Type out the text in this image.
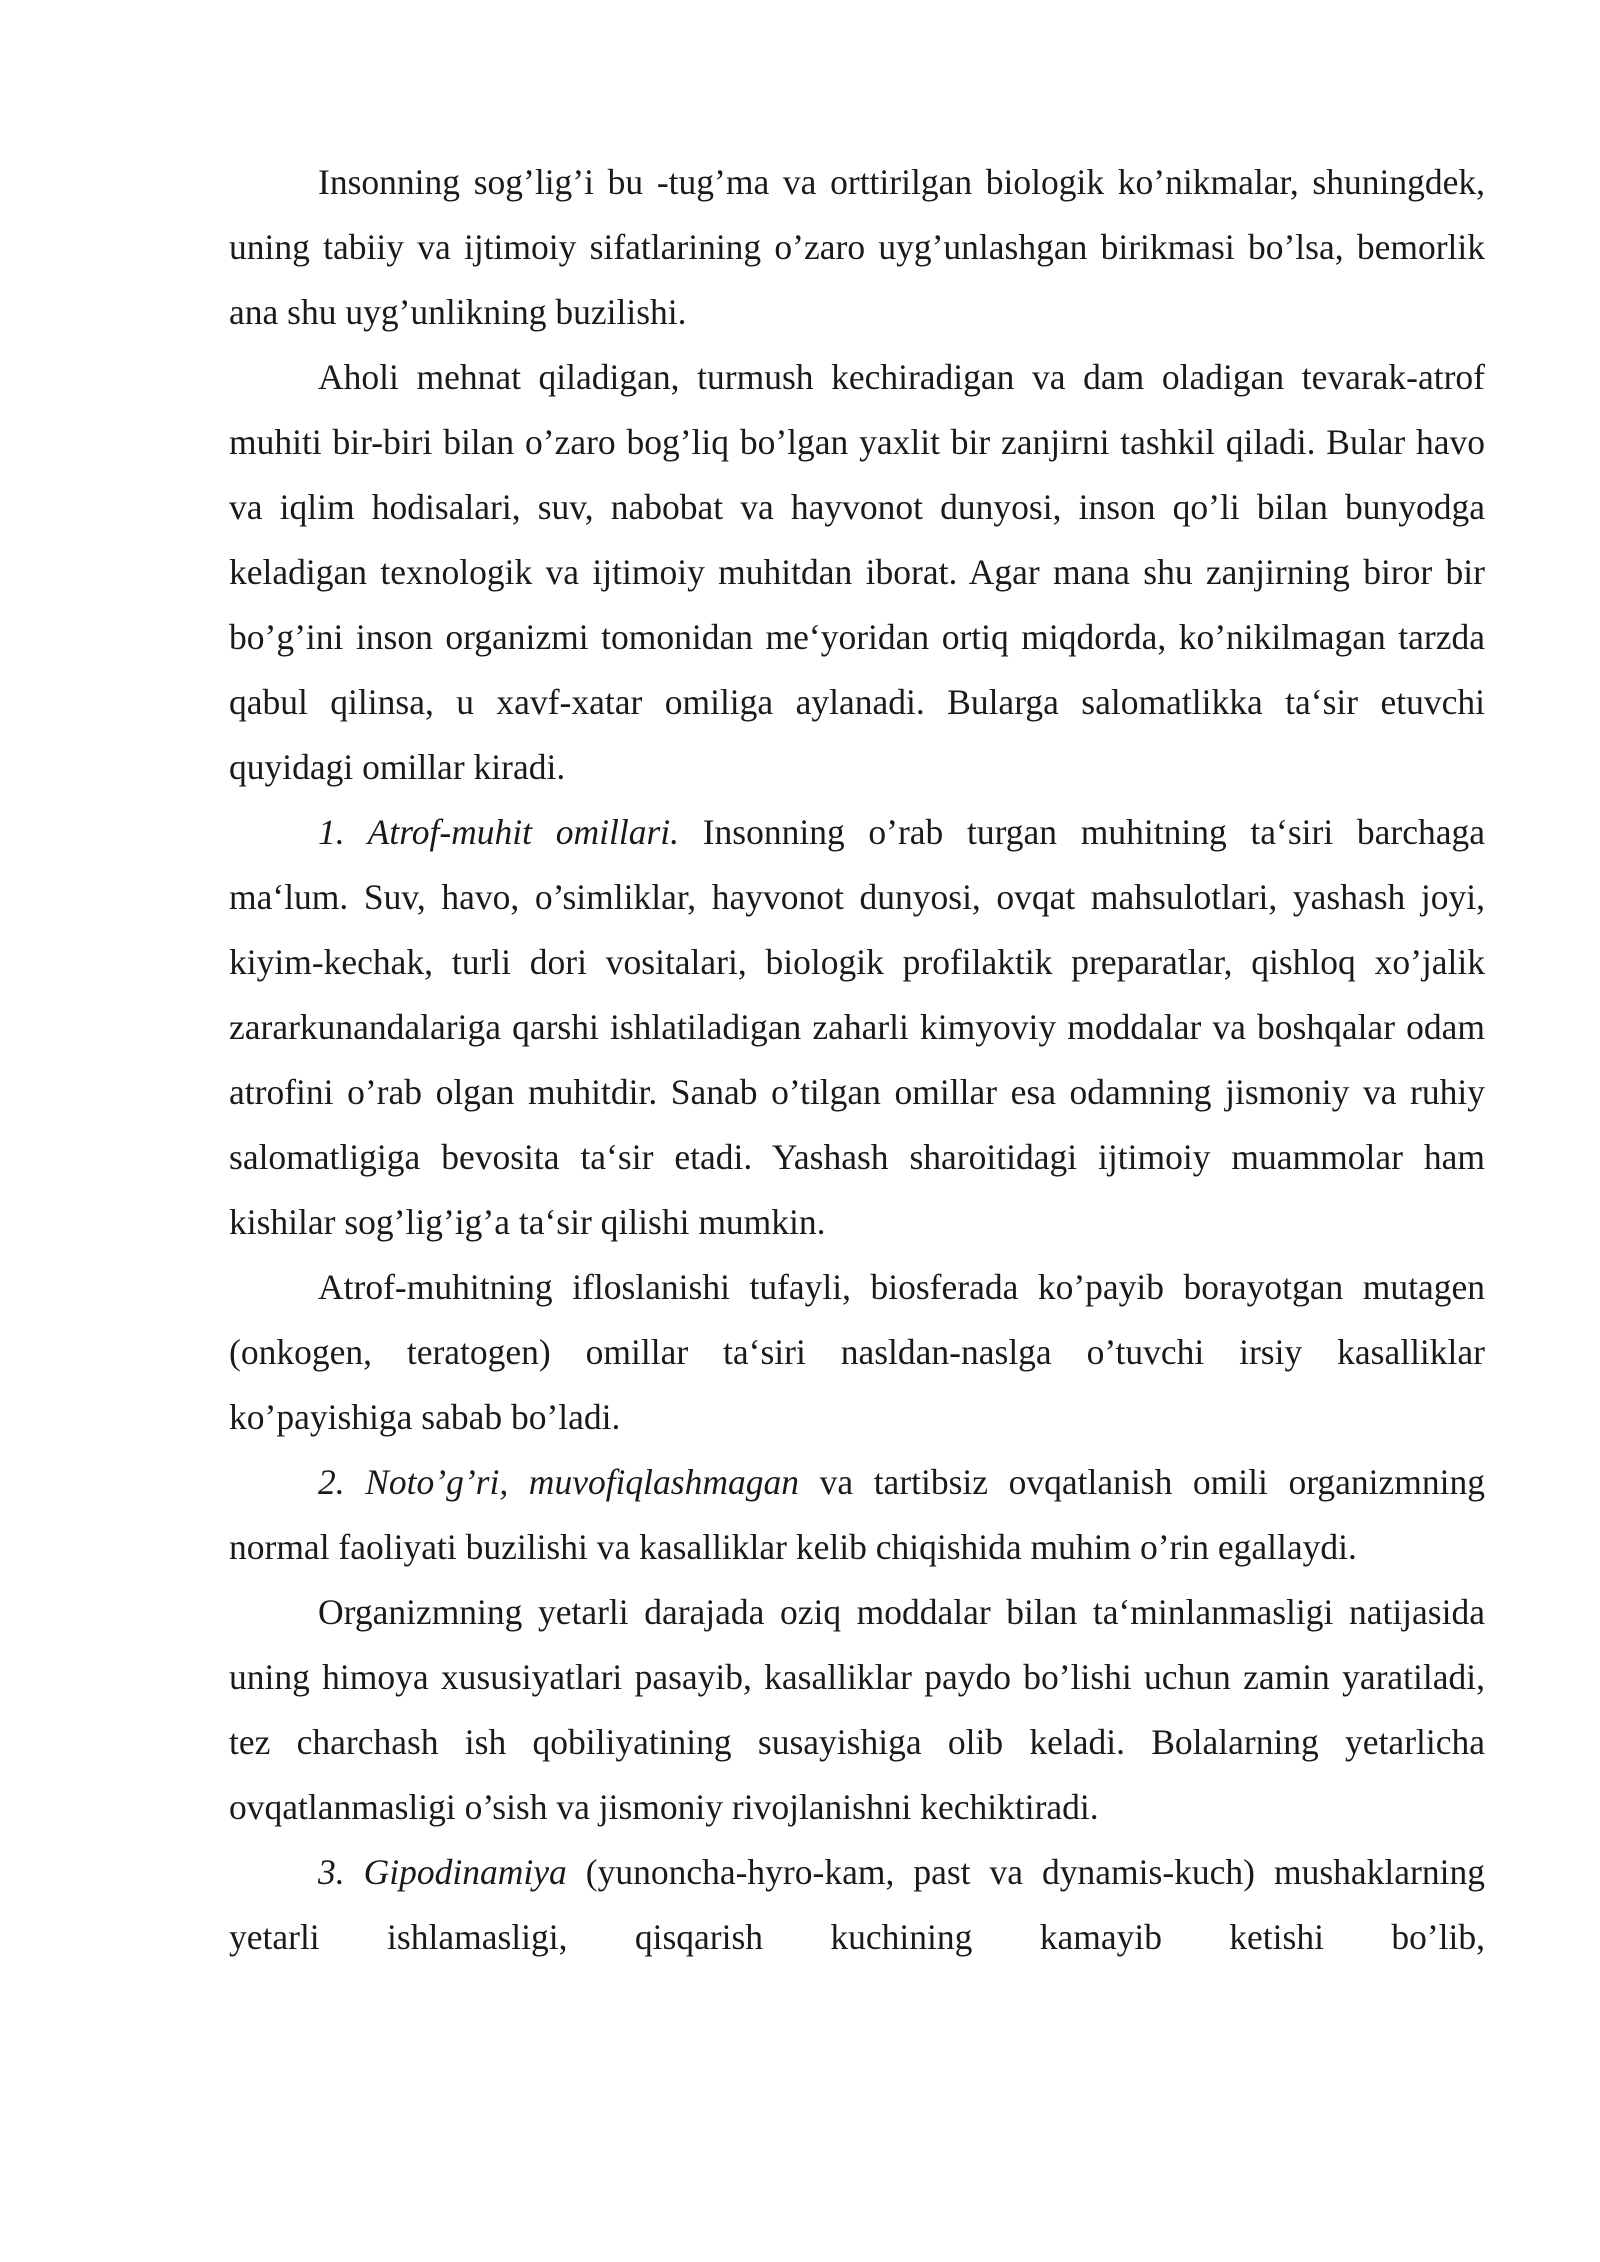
Insonning sog’lig’i bu -tug’ma va orttirilgan biologik ko’nikmalar, shuningdek, uning tabiiy va ijtimoiy sifatlarining o’zaro uyg’unlashgan birikmasi bo’lsa, bemorlik ana shu uyg’unlikning buzilishi.

Aholi mehnat qiladigan, turmush kechiradigan va dam oladigan tevarak-atrof muhiti bir-biri bilan o’zaro bog’liq bo’lgan yaxlit bir zanjirni tashkil qiladi. Bular havo va iqlim hodisalari, suv, nabobat va hayvonot dunyosi, inson qo’li bilan bunyodga keladigan texnologik va ijtimoiy muhitdan iborat. Agar mana shu zanjirning biror bir bo’g’ini inson organizmi tomonidan me‘yoridan ortiq miqdorda, ko’nikilmagan tarzda qabul qilinsa, u xavf-xatar omiliga aylanadi. Bularga salomatlikka ta‘sir etuvchi quyidagi omillar kiradi.

1. Atrof-muhit omillari. Insonning o’rab turgan muhitning ta‘siri barchaga ma‘lum. Suv, havo, o’simliklar, hayvonot dunyosi, ovqat mahsulotlari, yashash joyi, kiyim-kechak, turli dori vositalari, biologik profilaktik preparatlar, qishloq xo’jalik zararkunandalariga qarshi ishlatiladigan zaharli kimyoviy moddalar va boshqalar odam atrofini o’rab olgan muhitdir. Sanab o’tilgan omillar esa odamning jismoniy va ruhiy salomatligiga bevosita ta‘sir etadi. Yashash sharoitidagi ijtimoiy muammolar ham kishilar sog’lig’ig’a ta‘sir qilishi mumkin.

Atrof-muhitning ifloslanishi tufayli, biosferada ko’payib borayotgan mutagen (onkogen, teratogen) omillar ta‘siri nasldan-naslga o’tuvchi irsiy kasalliklar ko’payishiga sabab bo’ladi.

2. Noto’g’ri, muvofiqlashmagan va tartibsiz ovqatlanish omili organizmning normal faoliyati buzilishi va kasalliklar kelib chiqishida muhim o’rin egallaydi.

Organizmning yetarli darajada oziq moddalar bilan ta‘minlanmasligi natijasida uning himoya xususiyatlari pasayib, kasalliklar paydo bo’lishi uchun zamin yaratiladi, tez charchash ish qobiliyatining susayishiga olib keladi. Bolalarning yetarlicha ovqatlanmasligi o’sish va jismoniy rivojlanishni kechiktiradi.

3. Gipodinamiya (yunoncha-hyro-kam, past va dynamis-kuch) mushaklarning yetarli ishlamasligi, qisqarish kuchining kamayib ketishi bo’lib,
